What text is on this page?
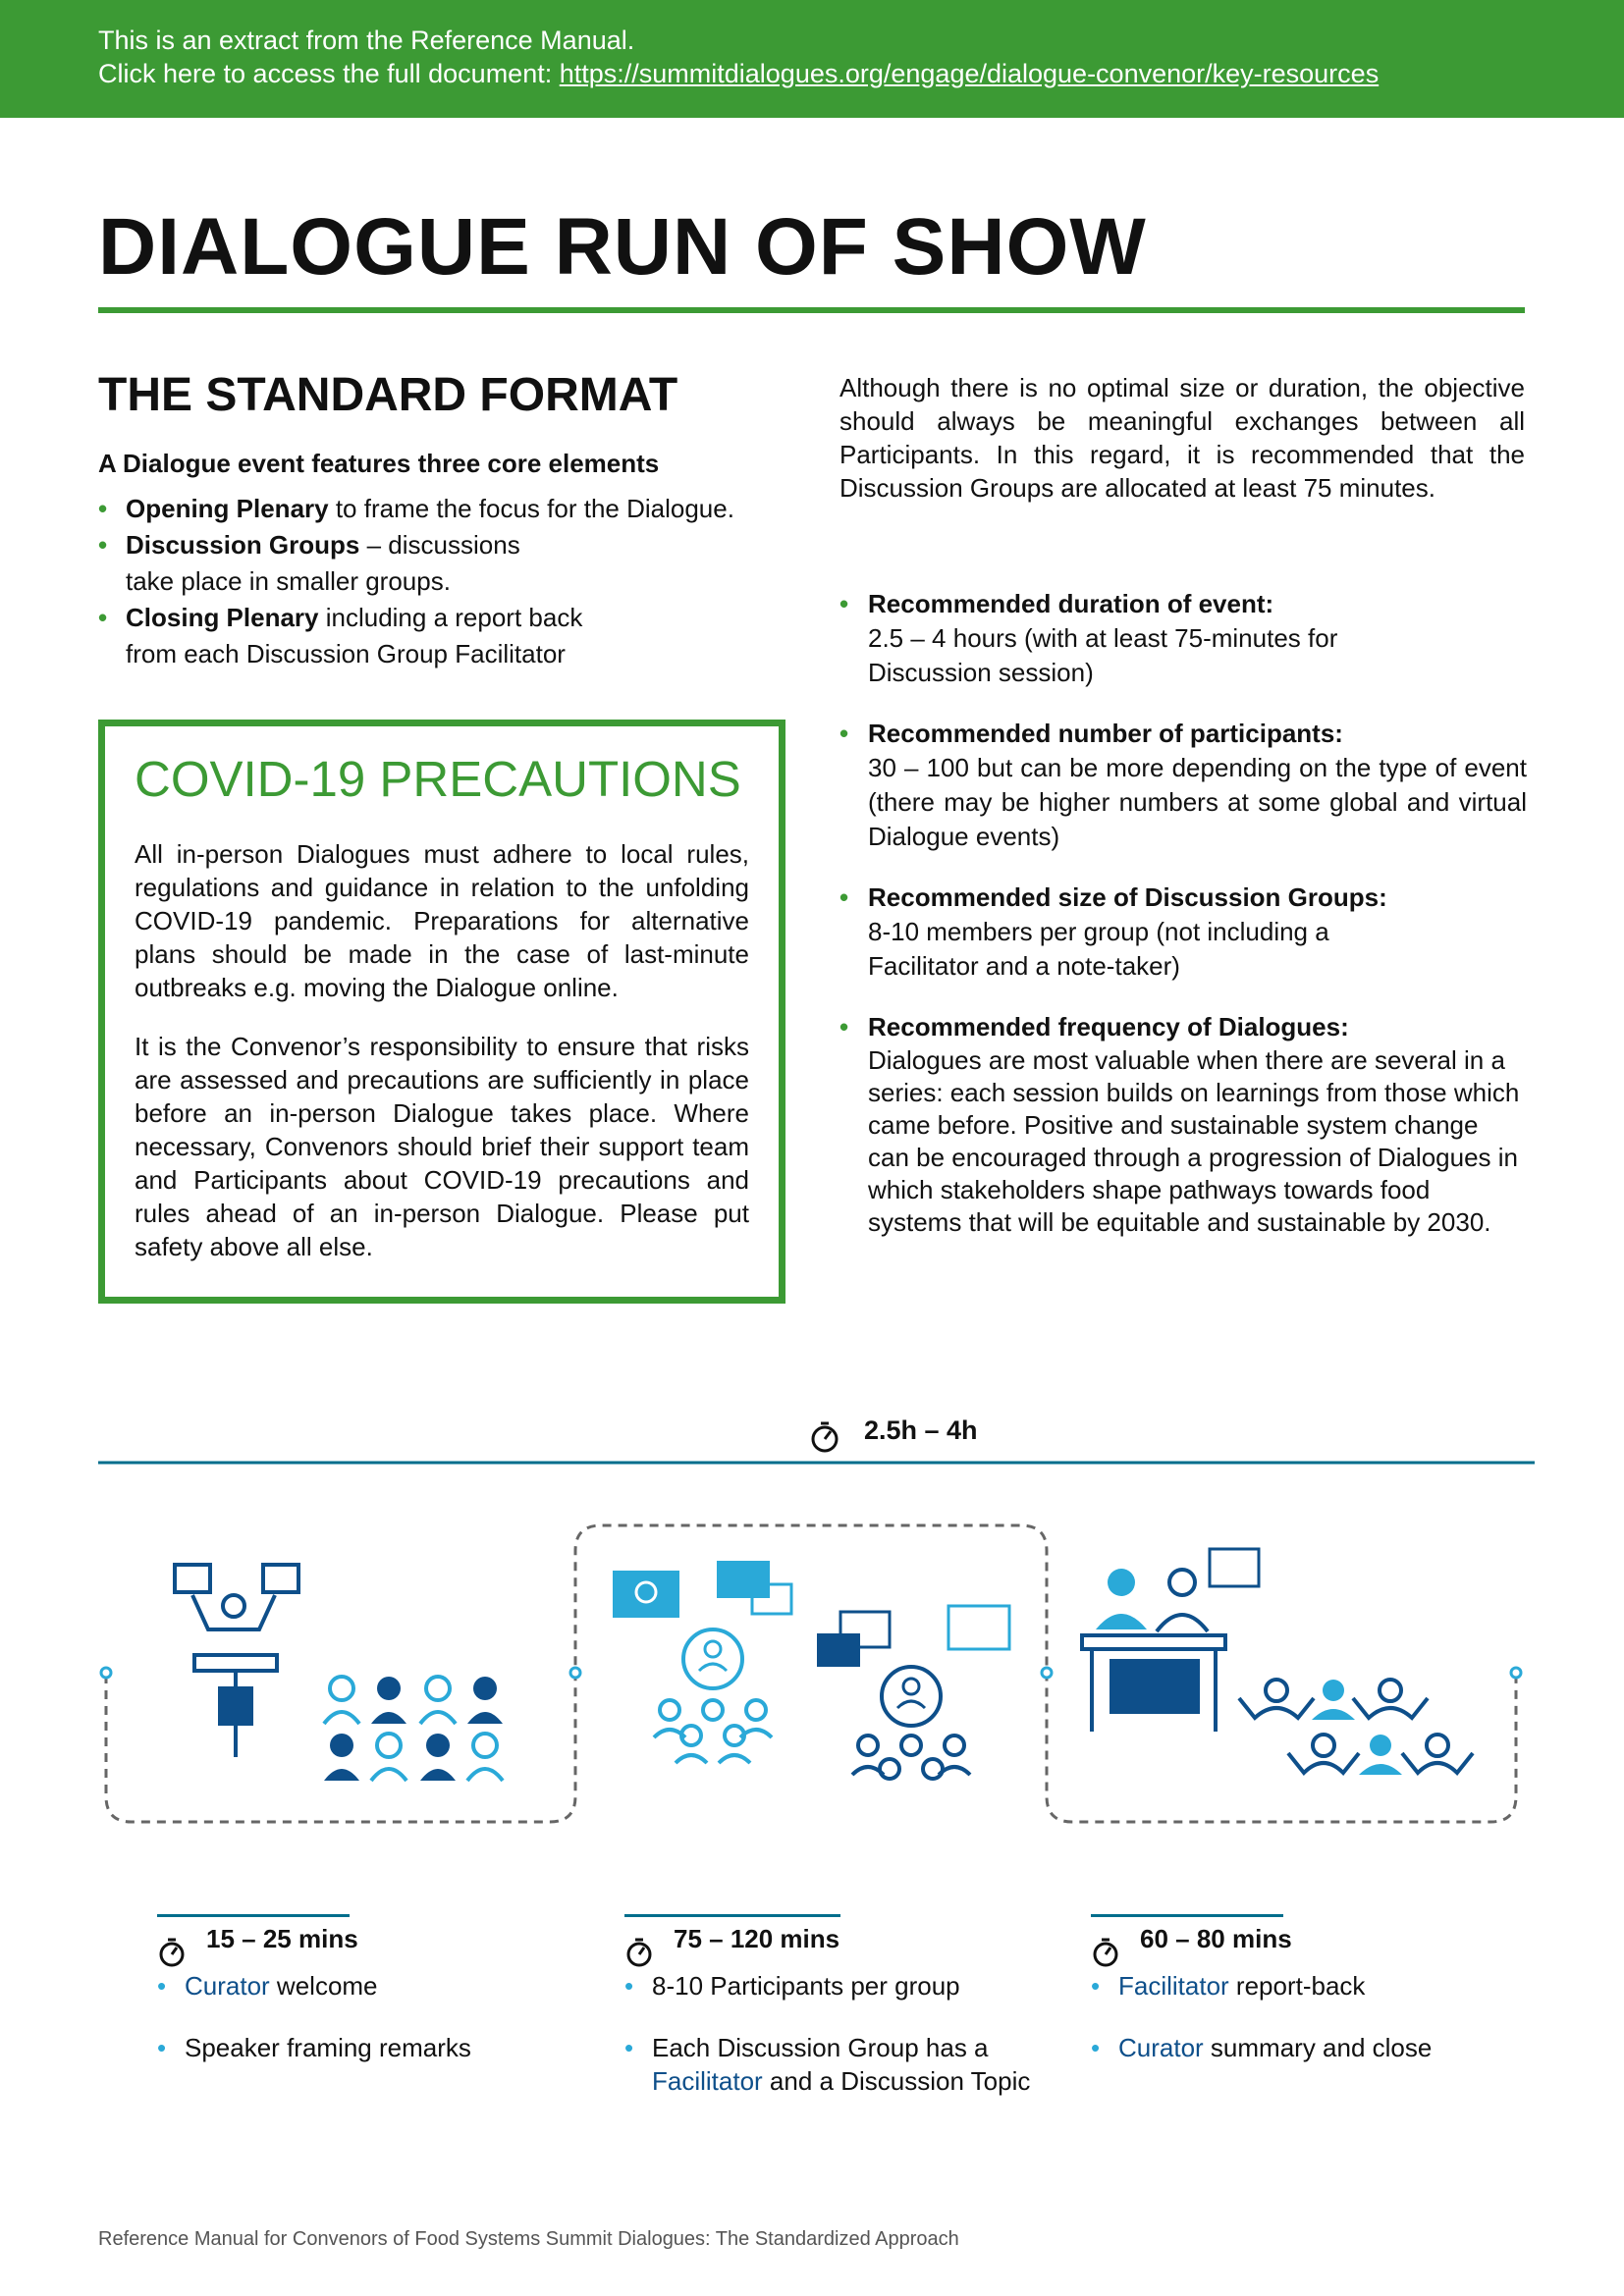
This is an extract from the Reference Manual.
Click here to access the full document: https://summitdialogues.org/engage/dialogue-convenor/key-resources
DIALOGUE RUN OF SHOW
THE STANDARD FORMAT
A Dialogue event features three core elements
• Opening Plenary to frame the focus for the Dialogue.
• Discussion Groups – discussions take place in smaller groups.
• Closing Plenary including a report back from each Discussion Group Facilitator
COVID-19 PRECAUTIONS

All in-person Dialogues must adhere to local rules, regulations and guidance in relation to the unfolding COVID-19 pandemic. Preparations for alternative plans should be made in the case of last-minute outbreaks e.g. moving the Dialogue online.

It is the Convenor’s responsibility to ensure that risks are assessed and precautions are sufficiently in place before an in-person Dialogue takes place. Where necessary, Convenors should brief their support team and Participants about COVID-19 precautions and rules ahead of an in-person Dialogue. Please put safety above all else.

Although there is no optimal size or duration, the objective should always be meaningful exchanges between all Participants. In this regard, it is recommended that the Discussion Groups are allocated at least 75 minutes.

• Recommended duration of event:
2.5 – 4 hours (with at least 75-minutes for Discussion session)
• Recommended number of participants:
30 – 100 but can be more depending on the type of event (there may be higher numbers at some global and virtual Dialogue events)
• Recommended size of Discussion Groups:
8-10 members per group (not including a Facilitator and a note-taker)
• Recommended frequency of Dialogues:
Dialogues are most valuable when there are several in a series: each session builds on learnings from those which came before. Positive and sustainable system change can be encouraged through a progression of Dialogues in which stakeholders shape pathways towards food systems that will be equitable and sustainable by 2030.
2.5h – 4h
15 – 25 mins
• Curator welcome
• Speaker framing remarks
75 – 120 mins
• 8-10 Participants per group
• Each Discussion Group has a Facilitator and a Discussion Topic
60 – 80 mins
• Facilitator report-back
• Curator summary and close
Reference Manual for Convenors of Food Systems Summit Dialogues: The Standardized Approach
